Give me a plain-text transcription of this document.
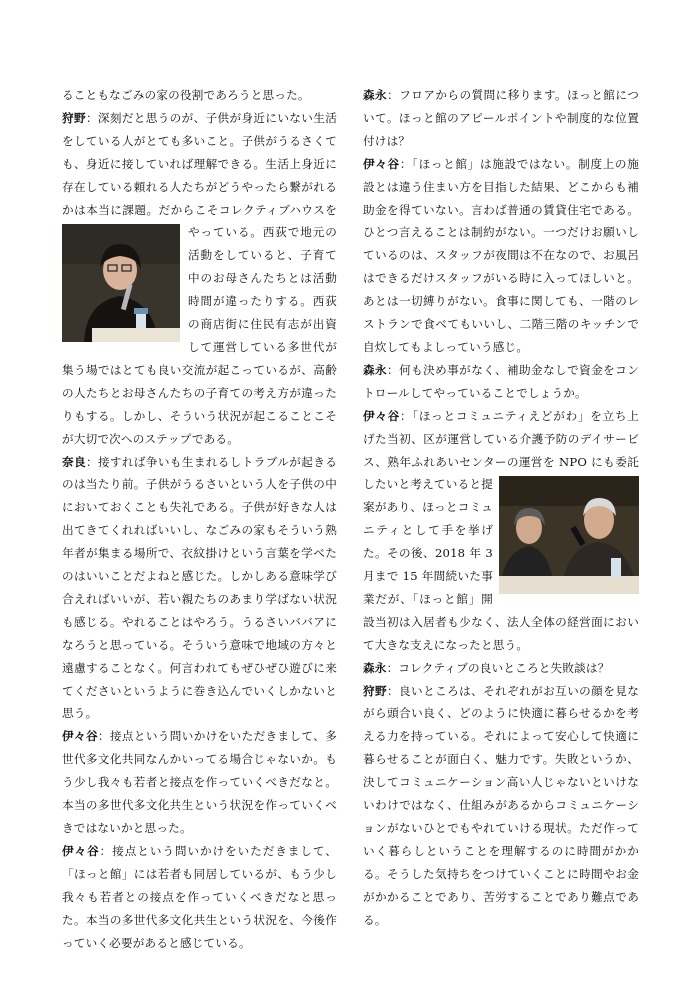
ることもなごみの家の役割であろうと思った。

狩野：深刻だと思うのが、子供が身近にいない生活をしている人がとても多いこと。子供がうるさくても、身近に接していれば理解できる。生活上身近に存在している頼れる人たちがどうやったら繋がれるかは本当に課題。だからこそコレ
クティブハウスをやっている。西荻で地元の活動をしていると、子育て中のお母さんたちとは活動時間が違ったりする。西荻の商店街に住民有志が出資して運営している多世代が集う場ではとても良い交流が起こっているが、高齢の人たちとお母さんたちの子育ての考え方が違ったりもする。しかし、そういう状況が起こることこそが大切で次へのステップである。

奈良：接すれば争いも生まれるしトラブルが起きるのは当たり前。子供がうるさいという人を子供の中においておくことも失礼である。子供が好きな人は出てきてくれればいいし、なごみの家もそういう熟年者が集まる場所で、衣紋掛けという言葉を学べたのはいいことだよねと感じた。しかしある意味学び合えればいいが、若い親たちのあまり学ばない状況も感じる。やれることはやろう。うるさいババアになろうと思っている。そういう意味で地域の方々と遠慮することなく。何言われてもぜひぜひ遊びに来てくださいというように巻き込んでいくしかないと思う。

伊々谷：接点という問いかけをいただきまして、多世代多文化共同なんかいってる場合じゃないか。もう少し我々も若者と接点を作っていくべきだなと。本当の多世代多文化共生という状況を作っていくべきではないかと思った。

伊々谷：接点という問いかけをいただきまして、「ほっと館」には若者も同居しているが、もう少し我々も若者との接点を作っていくべきだなと思った。本当の多世代多文化共生という状況を、今後作っていく必要があると感じている。

森永：フロアからの質問に移ります。ほっと館について。ほっと館のアピールポイントや制度的な位置付けは？

伊々谷：「ほっと館」は施設ではない。制度上の施設とは違う住まい方を目指した結果、どこからも補助金を得ていない。言わば普通の賃貸住宅である。ひとつ言えることは制約がない。一つだけお願いしているのは、スタッフが夜間は不在なので、お風呂はできるだけスタッフがいる時に入ってほしいと。あとは一切縛りがない。食事に関しても、一階のレストランで食べてもいいし、二階三階のキッチンで自炊してもよしっていう感じ。

森永：何も決め事がなく、補助金なしで資金をコントロールしてやっていることでしょうか。

伊々谷：「ほっとコミュニティえどがわ」を立ち上げた当初、区が運営している介護予防のデイサービス、熟年ふれあいセンターの運営を NPO にも委託したいと考えていると提
案があり、ほっとコミュニティとして手を挙げた。その後、2018 年 3 月まで 15 年間続いた事業だが、「ほっと館」開設当初は入居者も少なく、法人全体の経営面において大きな支えになったと思う。

森永：コレクティブの良いところと失敗談は？

狩野：良いところは、それぞれがお互いの顔を見ながら頭合い良く、どのように快適に暮らせるかを考える力を持っている。それによって安心して快適に暮らせることが面白く、魅力です。失敗というか、決してコミュニケーション高い人じゃないといけないわけではなく、仕組みがあるからコミュニケーションがないひとでもやれていける現状。ただ作っていく暮らしということを理解するのに時間がかかる。そうした気持ちをつけていくことに時間やお金がかかることであり、苦労することであり難点である。
